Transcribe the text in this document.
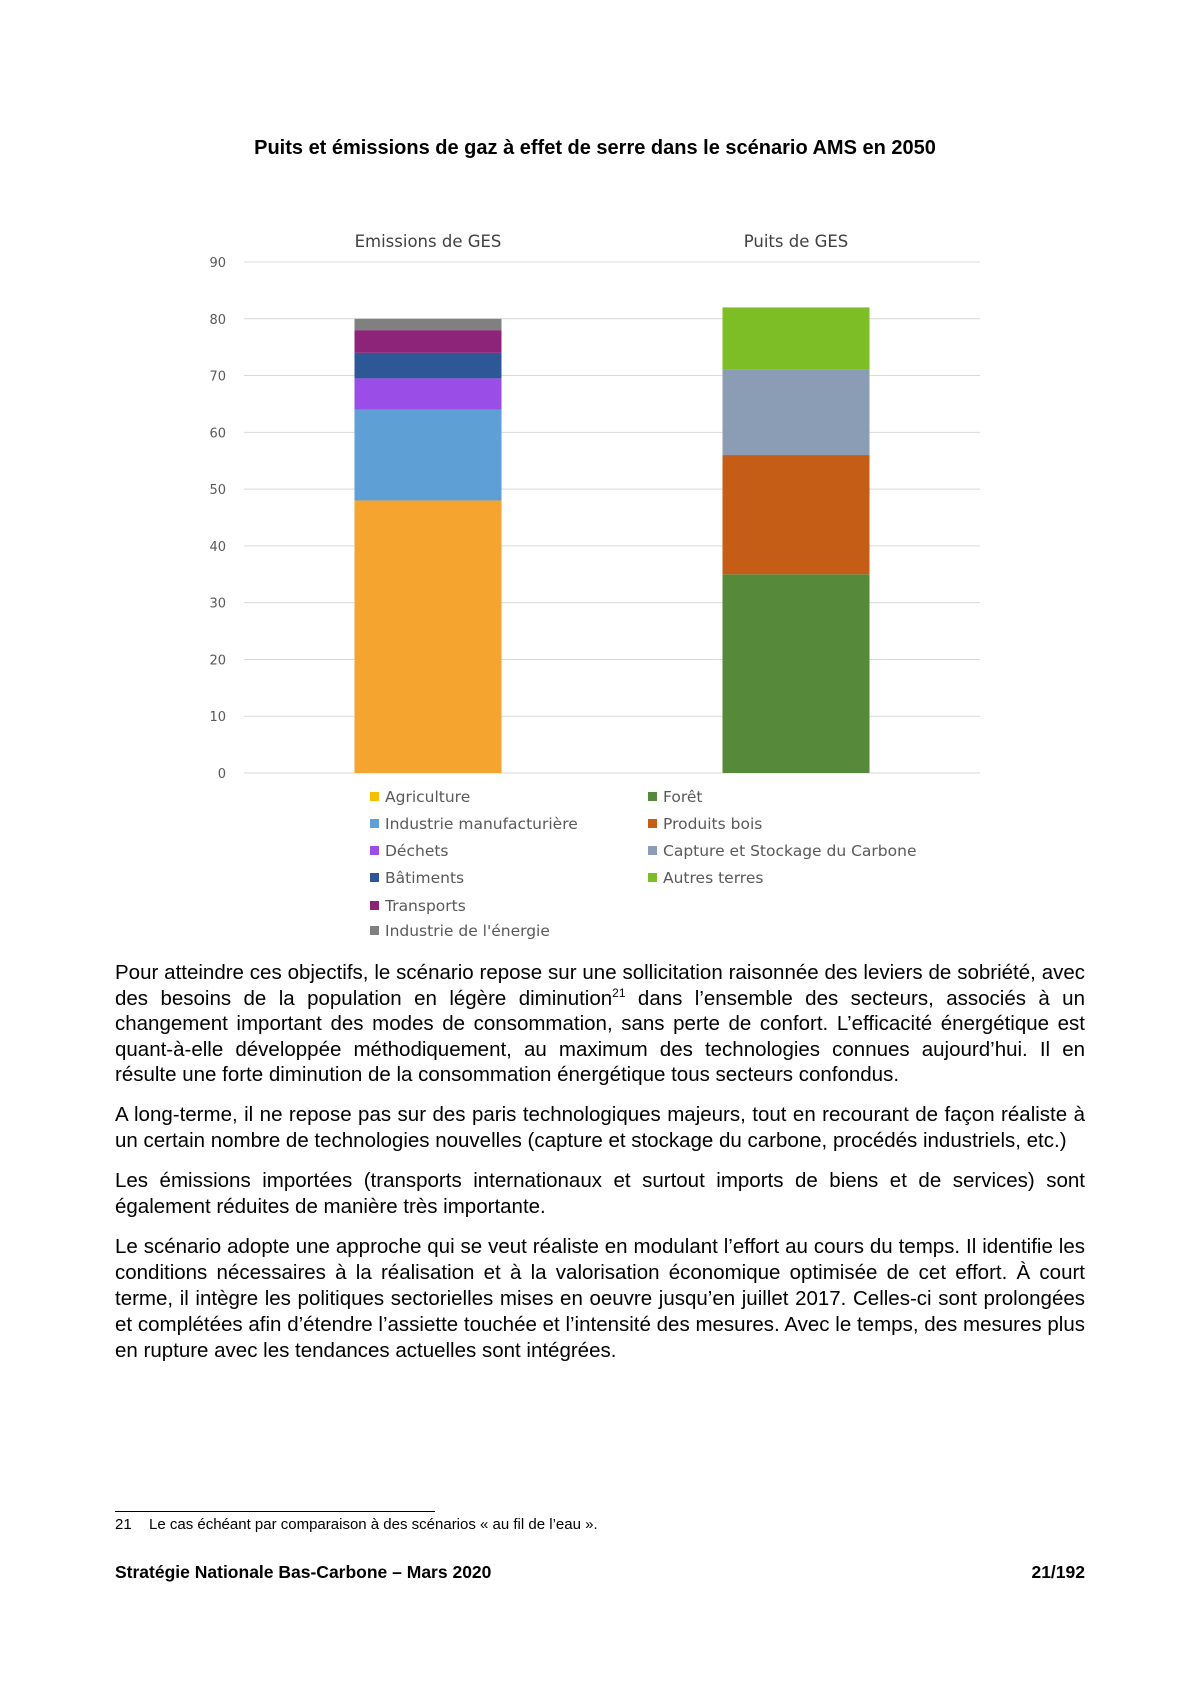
Puits et émissions de gaz à effet de serre dans le scénario AMS en 2050
0
10
20
30
40
50
60
70
80
90
Emissions de GES	Puits de GES
Agriculture
Industrie manufacturière
Déchets
Bâtiments
Transports
Industrie de l'énergie
Forêt
Produits bois
Capture et Stockage du Carbone
Autres terres

Pour atteindre ces objectifs, le scénario repose sur une sollicitation raisonnée des leviers de sobriété, avec des besoins de la population en légère diminution$^{21}$ dans l’ensemble des secteurs, associés à un changement important des modes de consommation, sans perte de confort. L’efficacité énergétique est quant-à-elle développée méthodiquement, au maximum des technologies connues aujourd’hui. Il en résulte une forte diminution de la consommation énergétique tous secteurs confondus.

A long-terme, il ne repose pas sur des paris technologiques majeurs, tout en recourant de façon réaliste à un certain nombre de technologies nouvelles (capture et stockage du carbone, procédés industriels, etc.)

Les émissions importées (transports internationaux et surtout imports de biens et de services) sont également réduites de manière très importante.

Le scénario adopte une approche qui se veut réaliste en modulant l’effort au cours du temps. Il identifie les conditions nécessaires à la réalisation et à la valorisation économique optimisée de cet effort. À court terme, il intègre les politiques sectorielles mises en oeuvre jusqu’en juillet 2017. Celles-ci sont prolongées et complétées afin d’étendre l’assiette touchée et l’intensité des mesures. Avec le temps, des mesures plus en rupture avec les tendances actuelles sont intégrées.

21 Le cas échéant par comparaison à des scénarios « au fil de l’eau ».
Stratégie Nationale Bas-Carbone – Mars 2020	21/192
